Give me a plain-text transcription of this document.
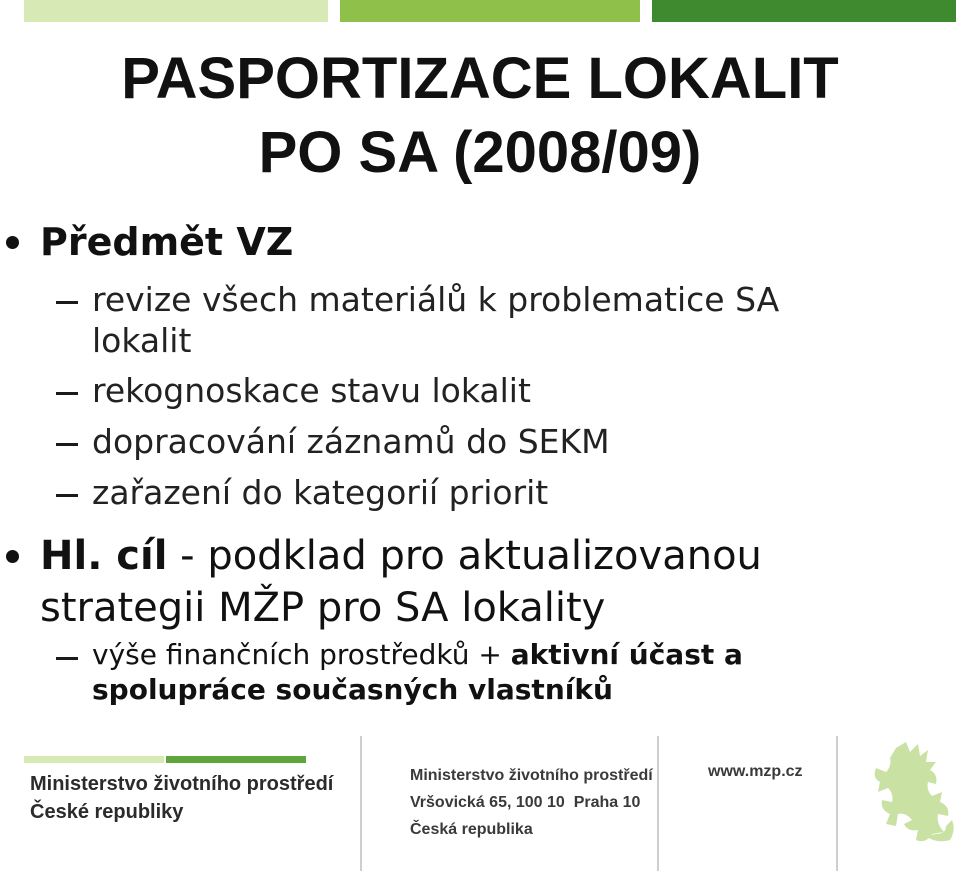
PASPORTIZACE LOKALIT
PO SA (2008/09)
Předmět VZ
revize všech materiálů k problematice SA
lokalit
rekognoskace stavu lokalit
dopracování záznamů do SEKM
zařazení do kategorií priorit
Hl. cíl - podklad pro aktualizovanou
strategii MŽP pro SA lokality
výše finančních prostředků + aktivní účast a
spolupráce současných vlastníků
Ministerstvo životního prostředí
České republiky
Ministerstvo životního prostředí
Vršovická 65, 100 10  Praha 10
Česká republika
www.mzp.cz
